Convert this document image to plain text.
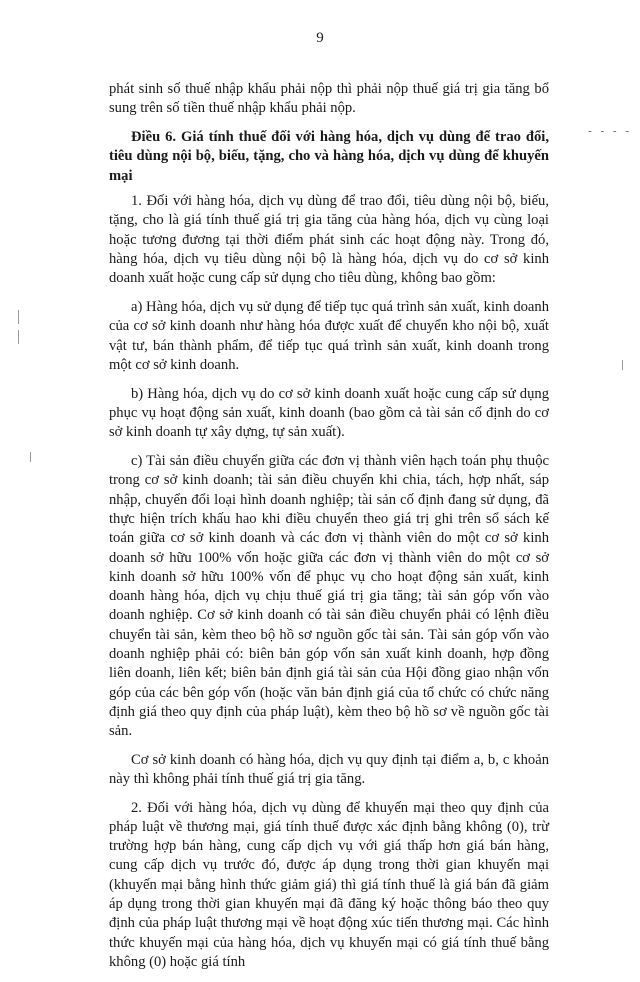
9
- - - -

phát sinh số thuế nhập khẩu phải nộp thì phải nộp thuế giá trị gia tăng bổ sung trên số tiền thuế nhập khẩu phải nộp.

Điều 6. Giá tính thuế đối với hàng hóa, dịch vụ dùng để trao đổi, tiêu dùng nội bộ, biếu, tặng, cho và hàng hóa, dịch vụ dùng để khuyến mại

1. Đối với hàng hóa, dịch vụ dùng để trao đổi, tiêu dùng nội bộ, biếu, tặng, cho là giá tính thuế giá trị gia tăng của hàng hóa, dịch vụ cùng loại hoặc tương đương tại thời điểm phát sinh các hoạt động này. Trong đó, hàng hóa, dịch vụ tiêu dùng nội bộ là hàng hóa, dịch vụ do cơ sở kinh doanh xuất hoặc cung cấp sử dụng cho tiêu dùng, không bao gồm:

a) Hàng hóa, dịch vụ sử dụng để tiếp tục quá trình sản xuất, kinh doanh của cơ sở kinh doanh như hàng hóa được xuất để chuyển kho nội bộ, xuất vật tư, bán thành phẩm, để tiếp tục quá trình sản xuất, kinh doanh trong một cơ sở kinh doanh.

b) Hàng hóa, dịch vụ do cơ sở kinh doanh xuất hoặc cung cấp sử dụng phục vụ hoạt động sản xuất, kinh doanh (bao gồm cả tài sản cố định do cơ sở kinh doanh tự xây dựng, tự sản xuất).

c) Tài sản điều chuyển giữa các đơn vị thành viên hạch toán phụ thuộc trong cơ sở kinh doanh; tài sản điều chuyển khi chia, tách, hợp nhất, sáp nhập, chuyển đổi loại hình doanh nghiệp; tài sản cố định đang sử dụng, đã thực hiện trích khấu hao khi điều chuyển theo giá trị ghi trên sổ sách kế toán giữa cơ sở kinh doanh và các đơn vị thành viên do một cơ sở kinh doanh sở hữu 100% vốn hoặc giữa các đơn vị thành viên do một cơ sở kinh doanh sở hữu 100% vốn để phục vụ cho hoạt động sản xuất, kinh doanh hàng hóa, dịch vụ chịu thuế giá trị gia tăng; tài sản góp vốn vào doanh nghiệp. Cơ sở kinh doanh có tài sản điều chuyển phải có lệnh điều chuyển tài sản, kèm theo bộ hồ sơ nguồn gốc tài sản. Tài sản góp vốn vào doanh nghiệp phải có: biên bản góp vốn sản xuất kinh doanh, hợp đồng liên doanh, liên kết; biên bản định giá tài sản của Hội đồng giao nhận vốn góp của các bên góp vốn (hoặc văn bản định giá của tổ chức có chức năng định giá theo quy định của pháp luật), kèm theo bộ hồ sơ về nguồn gốc tài sản.

Cơ sở kinh doanh có hàng hóa, dịch vụ quy định tại điểm a, b, c khoản này thì không phải tính thuế giá trị gia tăng.

2. Đối với hàng hóa, dịch vụ dùng để khuyến mại theo quy định của pháp luật về thương mại, giá tính thuế được xác định bằng không (0), trừ trường hợp bán hàng, cung cấp dịch vụ với giá thấp hơn giá bán hàng, cung cấp dịch vụ trước đó, được áp dụng trong thời gian khuyến mại (khuyến mại bằng hình thức giảm giá) thì giá tính thuế là giá bán đã giảm áp dụng trong thời gian khuyến mại đã đăng ký hoặc thông báo theo quy định của pháp luật thương mại về hoạt động xúc tiến thương mại. Các hình thức khuyến mại của hàng hóa, dịch vụ khuyến mại có giá tính thuế bằng không (0) hoặc giá tính
